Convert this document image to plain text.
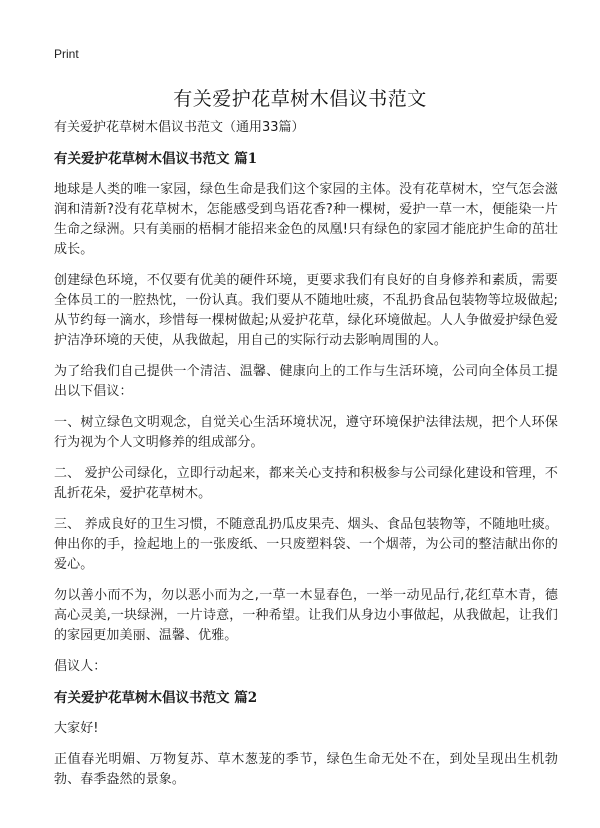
Print
有关爱护花草树木倡议书范文

有关爱护花草树木倡议书范文（通用33篇）

有关爱护花草树木倡议书范文 篇1

地球是人类的唯一家园，绿色生命是我们这个家园的主体。没有花草树木，空气怎会滋润和清新?没有花草树木，怎能感受到鸟语花香?种一棵树，爱护一草一木，便能染一片生命之绿洲。只有美丽的梧桐才能招来金色的凤凰!只有绿色的家园才能庇护生命的茁壮成长。

创建绿色环境，不仅要有优美的硬件环境，更要求我们有良好的自身修养和素质，需要全体员工的一腔热忱，一份认真。我们要从不随地吐痰，不乱扔食品包装物等垃圾做起;从节约每一滴水，珍惜每一棵树做起;从爱护花草，绿化环境做起。人人争做爱护绿色爱护洁净环境的天使，从我做起，用自己的实际行动去影响周围的人。

为了给我们自己提供一个清洁、温馨、健康向上的工作与生活环境，公司向全体员工提出以下倡议：

一、树立绿色文明观念，自觉关心生活环境状况，遵守环境保护法律法规，把个人环保行为视为个人文明修养的组成部分。

二、 爱护公司绿化，立即行动起来，都来关心支持和积极参与公司绿化建设和管理，不乱折花朵，爱护花草树木。

三、 养成良好的卫生习惯，不随意乱扔瓜皮果壳、烟头、食品包装物等，不随地吐痰。伸出你的手，捡起地上的一张废纸、一只废塑料袋、一个烟蒂，为公司的整洁献出你的爱心。

勿以善小而不为，勿以恶小而为之,一草一木显春色，一举一动见品行,花红草木青，德高心灵美,一块绿洲，一片诗意，一种希望。让我们从身边小事做起，从我做起，让我们的家园更加美丽、温馨、优雅。

倡议人：

有关爱护花草树木倡议书范文 篇2

大家好!

正值春光明媚、万物复苏、草木葱茏的季节，绿色生命无处不在，到处呈现出生机勃勃、春季盎然的景象。
